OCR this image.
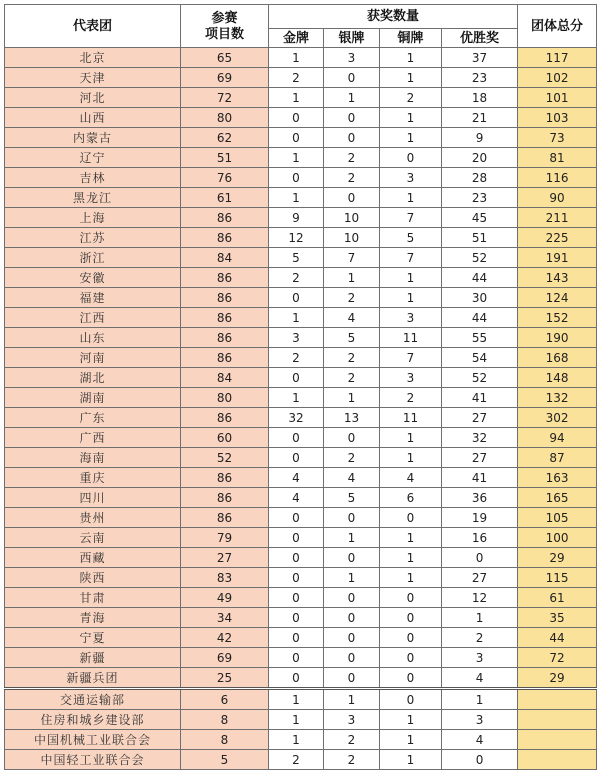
代表团	参赛
项目数	获奖数量				团体总分
		金牌	银牌	铜牌	优胜奖	
北京	65	1	3	1	37	117
天津	69	2	0	1	23	102
河北	72	1	1	2	18	101
山西	80	0	0	1	21	103
内蒙古	62	0	0	1	9	73
辽宁	51	1	2	0	20	81
吉林	76	0	2	3	28	116
黑龙江	61	1	0	1	23	90
上海	86	9	10	7	45	211
江苏	86	12	10	5	51	225
浙江	84	5	7	7	52	191
安徽	86	2	1	1	44	143
福建	86	0	2	1	30	124
江西	86	1	4	3	44	152
山东	86	3	5	11	55	190
河南	86	2	2	7	54	168
湖北	84	0	2	3	52	148
湖南	80	1	1	2	41	132
广东	86	32	13	11	27	302
广西	60	0	0	1	32	94
海南	52	0	2	1	27	87
重庆	86	4	4	4	41	163
四川	86	4	5	6	36	165
贵州	86	0	0	0	19	105
云南	79	0	1	1	16	100
西藏	27	0	0	1	0	29
陕西	83	0	1	1	27	115
甘肃	49	0	0	0	12	61
青海	34	0	0	0	1	35
宁夏	42	0	0	0	2	44
新疆	69	0	0	0	3	72
新疆兵团	25	0	0	0	4	29
交通运输部	6	1	1	0	1	
住房和城乡建设部	8	1	3	1	3	
中国机械工业联合会	8	1	2	1	4	
中国轻工业联合会	5	2	2	1	0	
